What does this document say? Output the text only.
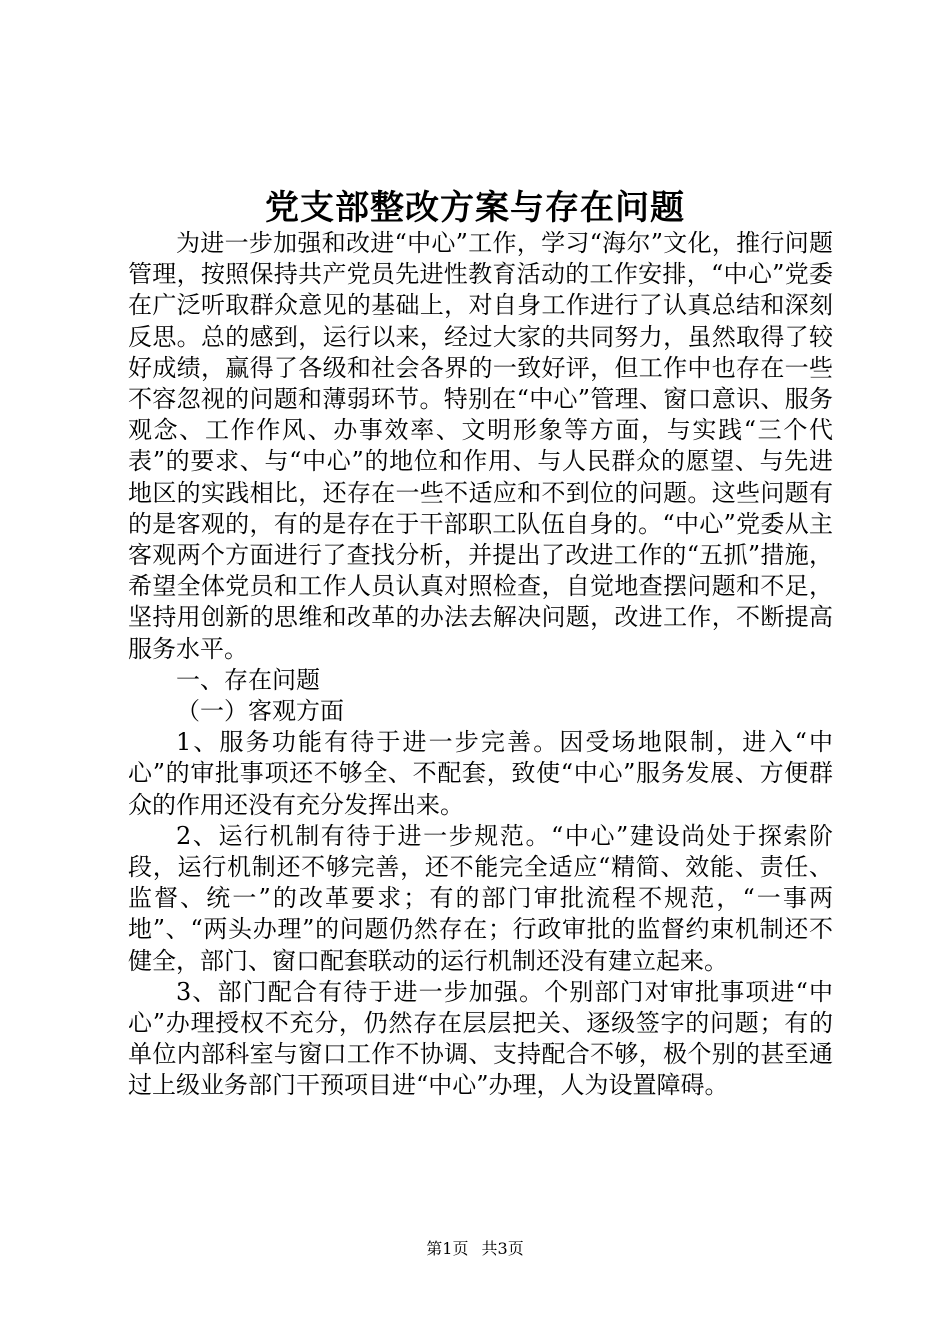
党支部整改方案与存在问题

为进一步加强和改进“中心”工作，学习“海尔”文化，推行问题管理，按照保持共产党员先进性教育活动的工作安排，“中心”党委在广泛听取群众意见的基础上，对自身工作进行了认真总结和深刻反思。总的感到，运行以来，经过大家的共同努力，虽然取得了较好成绩，赢得了各级和社会各界的一致好评，但工作中也存在一些不容忽视的问题和薄弱环节。特别在“中心”管理、窗口意识、服务观念、工作作风、办事效率、文明形象等方面，与实践“三个代表”的要求、与“中心”的地位和作用、与人民群众的愿望、与先进地区的实践相比，还存在一些不适应和不到位的问题。这些问题有的是客观的，有的是存在于干部职工队伍自身的。“中心”党委从主客观两个方面进行了查找分析，并提出了改进工作的“五抓”措施，希望全体党员和工作人员认真对照检查，自觉地查摆问题和不足，坚持用创新的思维和改革的办法去解决问题，改进工作，不断提高服务水平。

一、存在问题

（一）客观方面

1、服务功能有待于进一步完善。因受场地限制，进入“中心”的审批事项还不够全、不配套，致使“中心”服务发展、方便群众的作用还没有充分发挥出来。

2、运行机制有待于进一步规范。“中心”建设尚处于探索阶段，运行机制还不够完善，还不能完全适应“精简、效能、责任、监督、统一”的改革要求；有的部门审批流程不规范，“一事两地”、“两头办理”的问题仍然存在；行政审批的监督约束机制还不健全，部门、窗口配套联动的运行机制还没有建立起来。

3、部门配合有待于进一步加强。个别部门对审批事项进“中心”办理授权不充分，仍然存在层层把关、逐级签字的问题；有的单位内部科室与窗口工作不协调、支持配合不够，极个别的甚至通过上级业务部门干预项目进“中心”办理，人为设置障碍。

第1页 共3页
